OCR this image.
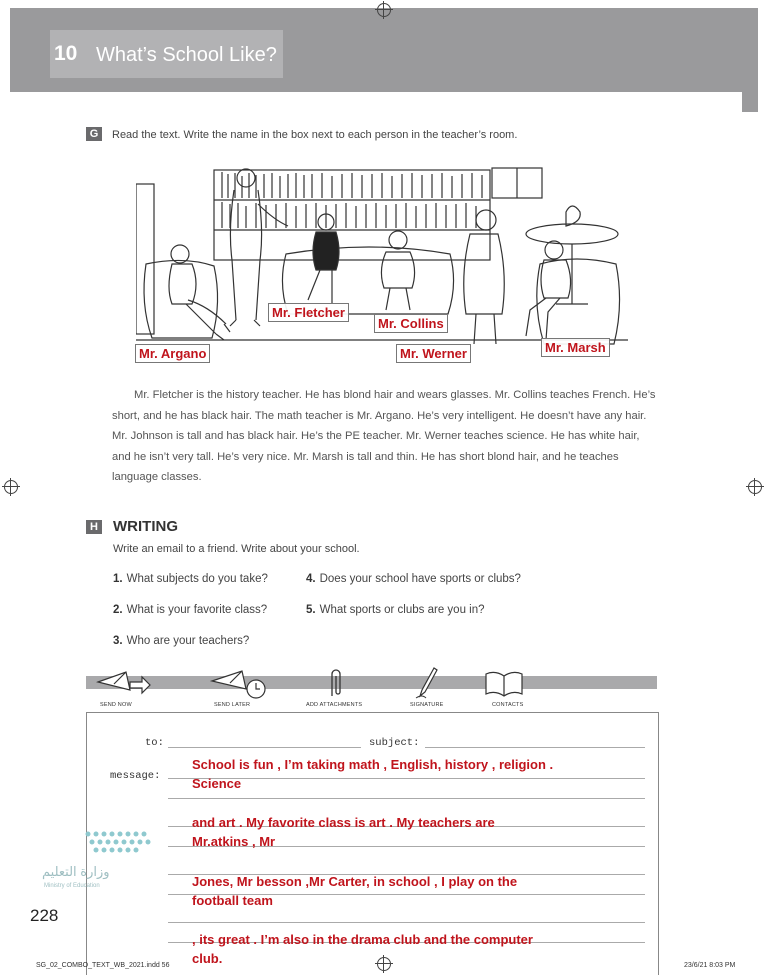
10 What’s School Like?
G	Read the text. Write the name in the box next to each person in the teacher’s room.
Mr. Fletcher
Mr. Collins
Mr. Argano	Mr. Werner	Mr. Marsh
Mr. Fletcher is the history teacher. He has blond hair and wears glasses. Mr. Collins teaches French. He’s short, and he has black hair. The math teacher is Mr. Argano. He’s very intelligent. He doesn’t have any hair. Mr. Johnson is tall and has black hair. He’s the PE teacher. Mr. Werner teaches science. He has white hair, and he isn’t very tall. He’s very nice. Mr. Marsh is tall and thin. He has short blond hair, and he teaches language classes.
H WRITING
Write an email to a friend. Write about your school.
1. What subjects do you take?
2. What is your favorite class?
3. Who are your teachers?
4. Does your school have sports or clubs?
5. What sports or clubs are you in?
SEND NOW	SEND LATER	ADD ATTACHMENTS	SIGNATURE	CONTACTS
to:	subject:
message:
School is fun , I’m taking math , English, history , religion .
Science
and art . My favorite class is art . My teachers are
Mr.atkins , Mr
Jones, Mr besson ,Mr Carter, in school , I play on the
football team
, its great . I’m also in the drama club and the computer
club.
وزارة التعليم
Ministry of Education
228
SG_02_COMBO_TEXT_WB_2021.indd 56	23/6/21 8:03 PM
